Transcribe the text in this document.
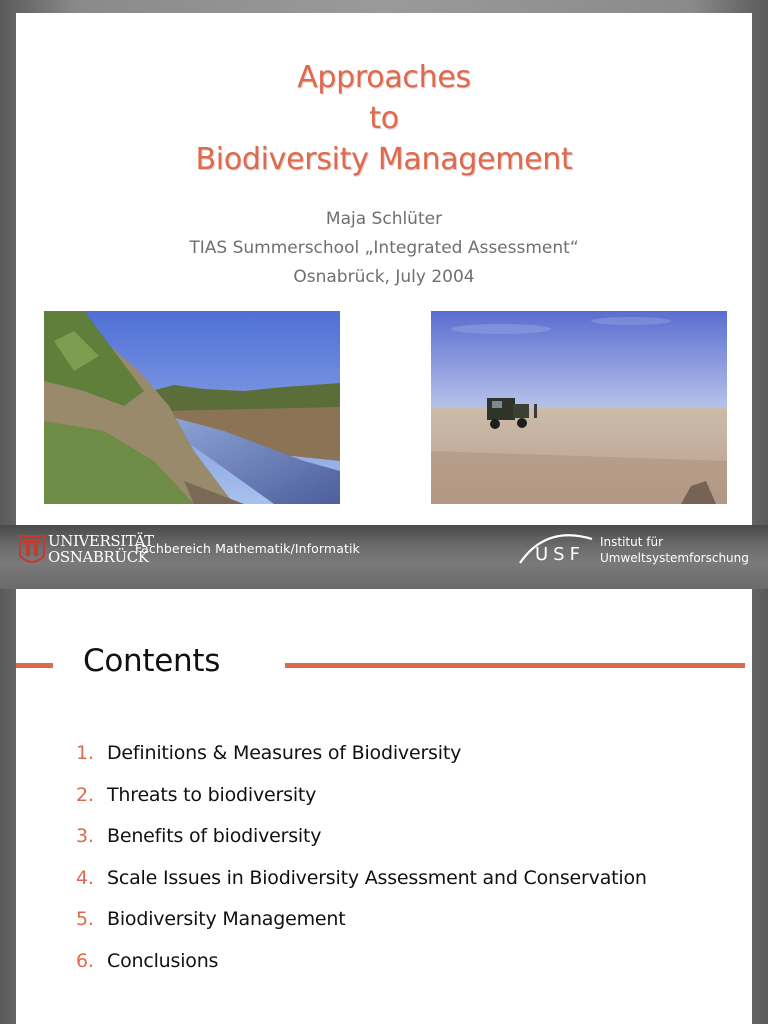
Approaches
to
Biodiversity Management
Maja Schlüter
TIAS Summerschool „Integrated Assessment“
Osnabrück, July 2004
UNIVERSITÄT
OSNABRÜCK
Fachbereich Mathematik/Informatik	USF
Institut für
Umweltsystemforschung
Contents
1. Definitions & Measures of Biodiversity
2. Threats to biodiversity
3. Benefits of biodiversity
4. Scale Issues in Biodiversity Assessment and Conservation
5. Biodiversity Management
6. Conclusions
